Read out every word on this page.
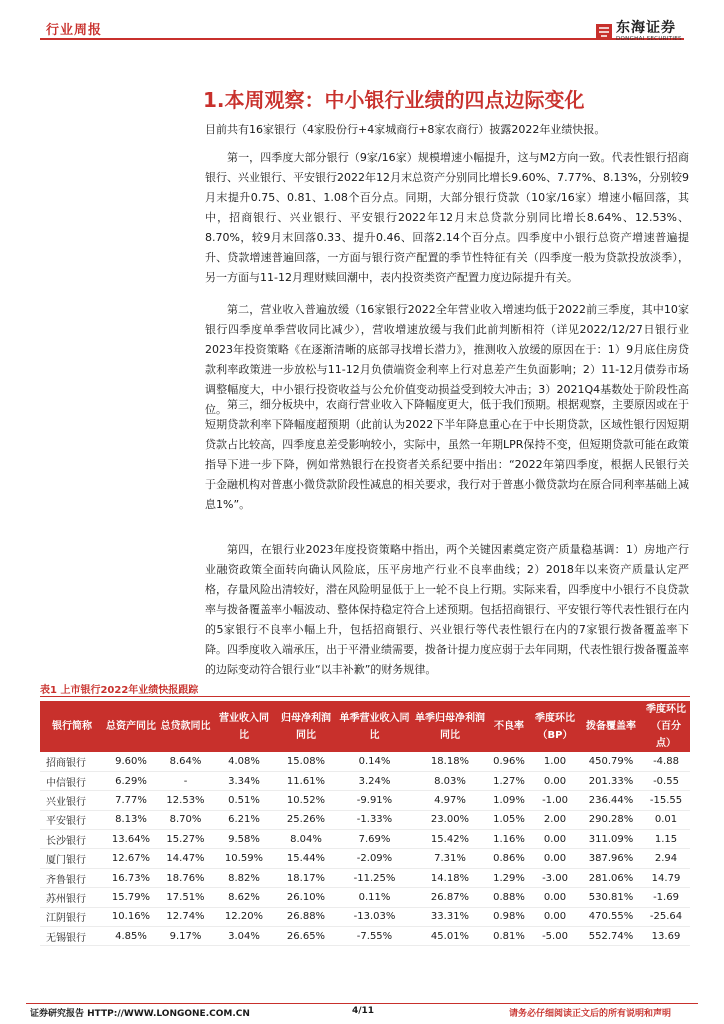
行业周报	东海证券
DONGHAI SECURITIES
1.本周观察：中小银行业绩的四点边际变化

目前共有16家银行（4家股份行+4家城商行+8家农商行）披露2022年业绩快报。

第一，四季度大部分银行（9家/16家）规模增速小幅提升，这与M2方向一致。代表性银行招商银行、兴业银行、平安银行2022年12月末总资产分别同比增长9.60%、7.77%、8.13%，分别较9月末提升0.75、0.81、1.08个百分点。同期，大部分银行贷款（10家/16家）增速小幅回落，其中，招商银行、兴业银行、平安银行2022年12月末总贷款分别同比增长8.64%、12.53%、8.70%，较9月末回落0.33、提升0.46、回落2.14个百分点。四季度中小银行总资产增速普遍提升、贷款增速普遍回落，一方面与银行资产配置的季节性特征有关（四季度一般为贷款投放淡季），另一方面与11-12月理财赎回潮中，表内投资类资产配置力度边际提升有关。

第二，营业收入普遍放缓（16家银行2022全年营业收入增速均低于2022前三季度，其中10家银行四季度单季营收同比减少），营收增速放缓与我们此前判断相符（详见2022/12/27日银行业2023年投资策略《在逐渐清晰的底部寻找增长潜力》，推测收入放缓的原因在于：1）9月底住房贷款利率政策进一步放松与11-12月负债端资金利率上行对息差产生负面影响；2）11-12月债券市场调整幅度大，中小银行投资收益与公允价值变动损益受到较大冲击；3）2021Q4基数处于阶段性高位。 第三，细分板块中，农商行营业收入下降幅度更大，低于我们预期。根据观察，主要原因或在于短期贷款利率下降幅度超预期（此前认为2022下半年降息重心在于中长期贷款，区域性银行因短期贷款占比较高，四季度息差受影响较小，实际中，虽然一年期LPR保持不变，但短期贷款可能在政策指导下进一步下降，例如常熟银行在投资者关系纪要中指出：“2022年第四季度，根据人民银行关于金融机构对普惠小微贷款阶段性减息的相关要求，我行对于普惠小微贷款均在原合同利率基础上减息1%”。

第四，在银行业2023年度投资策略中指出，两个关键因素奠定资产质量稳基调：1）房地产行业融资政策全面转向确认风险底，压平房地产行业不良率曲线；2）2018年以来资产质量认定严格，存量风险出清较好，潜在风险明显低于上一轮不良上行期。实际来看，四季度中小银行不良贷款率与拨备覆盖率小幅波动、整体保持稳定符合上述预期。包括招商银行、平安银行等代表性银行在内的5家银行不良率小幅上升，包括招商银行、兴业银行等代表性银行在内的7家银行拨备覆盖率下降。四季度收入端承压，出于平滑业绩需要，拨备计提力度应弱于去年同期，代表性银行拨备覆盖率的边际变动符合银行业“以丰补歉”的财务规律。

表1 上市银行2022年业绩快报跟踪
银行简称	总资产同比	总贷款同比	营业收入同比	归母净利润同比	单季营业收入同比	单季归母净利润同比	不良率	季度环比（BP）	拨备覆盖率	季度环比（百分点）
招商银行	9.60%	8.64%	4.08%	15.08%	0.14%	18.18%	0.96%	1.00	450.79%	-4.88
中信银行	6.29%	-	3.34%	11.61%	3.24%	8.03%	1.27%	0.00	201.33%	-0.55
兴业银行	7.77%	12.53%	0.51%	10.52%	-9.91%	4.97%	1.09%	-1.00	236.44%	-15.55
平安银行	8.13%	8.70%	6.21%	25.26%	-1.33%	23.00%	1.05%	2.00	290.28%	0.01
长沙银行	13.64%	15.27%	9.58%	8.04%	7.69%	15.42%	1.16%	0.00	311.09%	1.15
厦门银行	12.67%	14.47%	10.59%	15.44%	-2.09%	7.31%	0.86%	0.00	387.96%	2.94
齐鲁银行	16.73%	18.76%	8.82%	18.17%	-11.25%	14.18%	1.29%	-3.00	281.06%	14.79
苏州银行	15.79%	17.51%	8.62%	26.10%	0.11%	26.87%	0.88%	0.00	530.81%	-1.69
江阴银行	10.16%	12.74%	12.20%	26.88%	-13.03%	33.31%	0.98%	0.00	470.55%	-25.64
无锡银行	4.85%	9.17%	3.04%	26.65%	-7.55%	45.01%	0.81%	-5.00	552.74%	13.69
证券研究报告 HTTP://WWW.LONGONE.COM.CN	4/11	请务必仔细阅读正文后的所有说明和声明
